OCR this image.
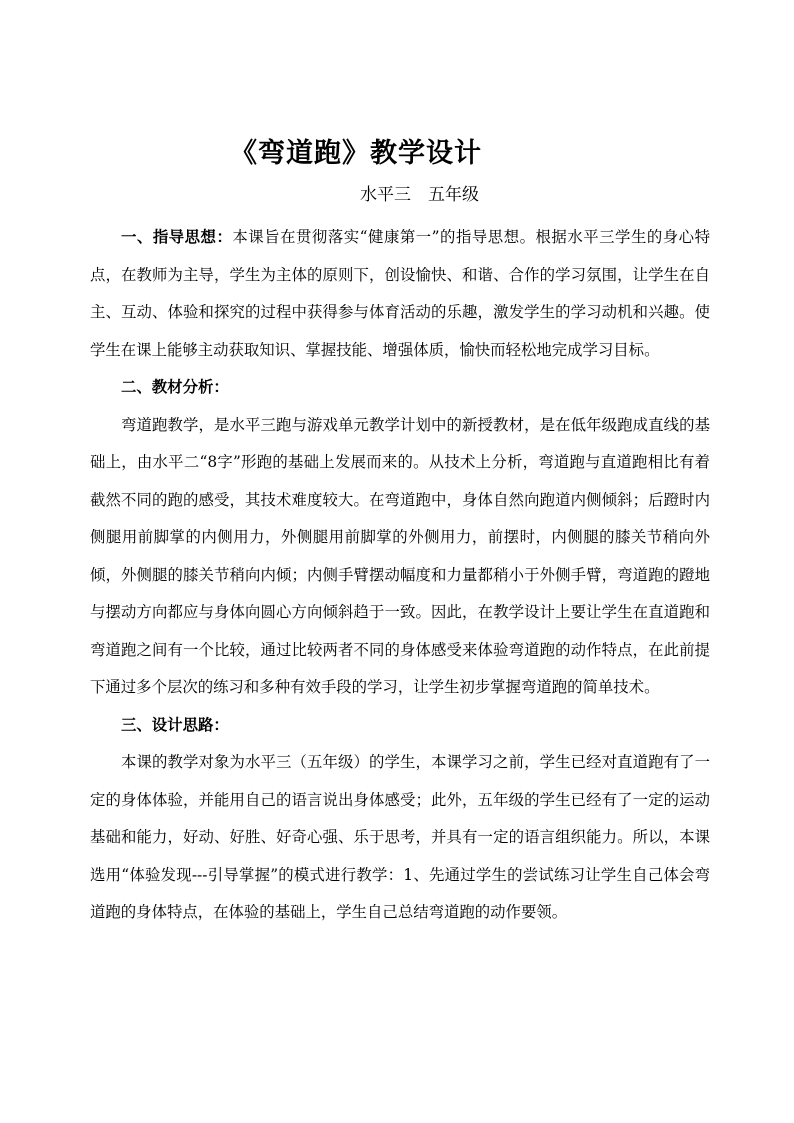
《弯道跑》教学设计
水平三　五年级

一、指导思想：本课旨在贯彻落实“健康第一”的指导思想。根据水平三学生的身心特点，在教师为主导，学生为主体的原则下，创设愉快、和谐、合作的学习氛围，让学生在自主、互动、体验和探究的过程中获得参与体育活动的乐趣，激发学生的学习动机和兴趣。使学生在课上能够主动获取知识、掌握技能、增强体质，愉快而轻松地完成学习目标。

二、教材分析：

弯道跑教学，是水平三跑与游戏单元教学计划中的新授教材，是在低年级跑成直线的基础上，由水平二“8字”形跑的基础上发展而来的。从技术上分析，弯道跑与直道跑相比有着截然不同的跑的感受，其技术难度较大。在弯道跑中，身体自然向跑道内侧倾斜；后蹬时内侧腿用前脚掌的内侧用力，外侧腿用前脚掌的外侧用力，前摆时，内侧腿的膝关节稍向外倾，外侧腿的膝关节稍向内倾；内侧手臂摆动幅度和力量都稍小于外侧手臂，弯道跑的蹬地与摆动方向都应与身体向圆心方向倾斜趋于一致。因此，在教学设计上要让学生在直道跑和弯道跑之间有一个比较，通过比较两者不同的身体感受来体验弯道跑的动作特点，在此前提下通过多个层次的练习和多种有效手段的学习，让学生初步掌握弯道跑的简单技术。

三、设计思路：

本课的教学对象为水平三（五年级）的学生，本课学习之前，学生已经对直道跑有了一定的身体体验，并能用自己的语言说出身体感受；此外，五年级的学生已经有了一定的运动基础和能力，好动、好胜、好奇心强、乐于思考，并具有一定的语言组织能力。所以，本课选用“体验发现---引导掌握”的模式进行教学：1、先通过学生的尝试练习让学生自己体会弯道跑的身体特点，在体验的基础上，学生自己总结弯道跑的动作要领。
